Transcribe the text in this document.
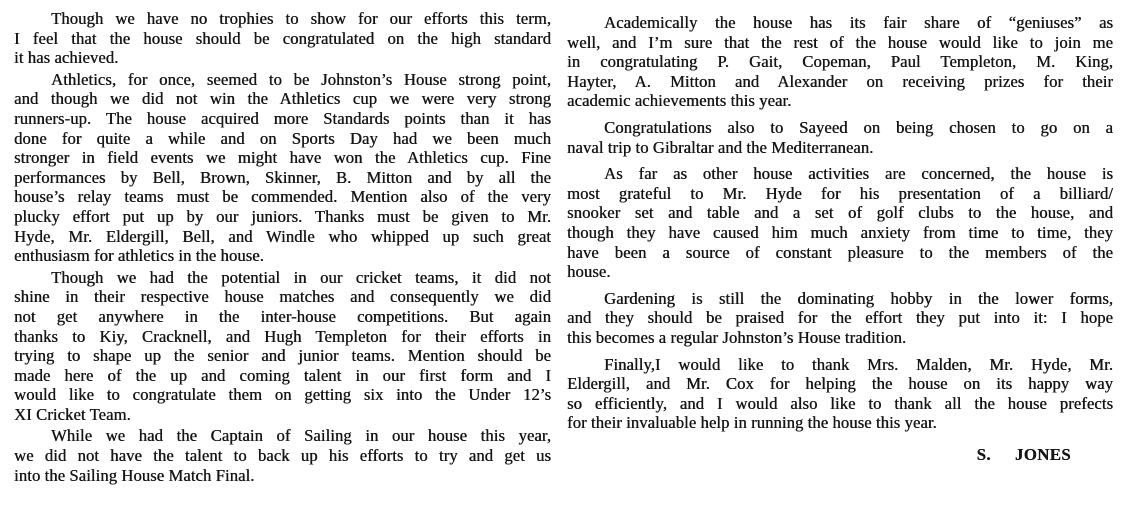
Though we have no trophies to show for our efforts this term,
I feel that the house should be congratulated on the high standard
it has achieved.
Athletics, for once, seemed to be Johnston’s House strong point,
and though we did not win the Athletics cup we were very strong
runners-up. The house acquired more Standards points than it has
done for quite a while and on Sports Day had we been much
stronger in field events we might have won the Athletics cup. Fine
performances by Bell, Brown, Skinner, B. Mitton and by all the
house’s relay teams must be commended. Mention also of the very
plucky effort put up by our juniors. Thanks must be given to Mr.
Hyde, Mr. Eldergill, Bell, and Windle who whipped up such great
enthusiasm for athletics in the house.
Though we had the potential in our cricket teams, it did not
shine in their respective house matches and consequently we did
not get anywhere in the inter-house competitions. But again
thanks to Kiy, Cracknell, and Hugh Templeton for their efforts in
trying to shape up the senior and junior teams. Mention should be
made here of the up and coming talent in our first form and I
would like to congratulate them on getting six into the Under 12’s
XI Cricket Team.
While we had the Captain of Sailing in our house this year,
we did not have the talent to back up his efforts to try and get us
into the Sailing House Match Final.
Academically the house has its fair share of “geniuses” as
well, and I’m sure that the rest of the house would like to join me
in congratulating P. Gait, Copeman, Paul Templeton, M. King,
Hayter, A. Mitton and Alexander on receiving prizes for their
academic achievements this year.
Congratulations also to Sayeed on being chosen to go on a
naval trip to Gibraltar and the Mediterranean.
As far as other house activities are concerned, the house is
most grateful to Mr. Hyde for his presentation of a billiard/
snooker set and table and a set of golf clubs to the house, and
though they have caused him much anxiety from time to time, they
have been a source of constant pleasure to the members of the
house.
Gardening is still the dominating hobby in the lower forms,
and they should be praised for the effort they put into it: I hope
this becomes a regular Johnston’s House tradition.
Finally,I would like to thank Mrs. Malden, Mr. Hyde, Mr.
Eldergill, and Mr. Cox for helping the house on its happy way
so efficiently, and I would also like to thank all the house prefects
for their invaluable help in running the house this year.
S. JONES
